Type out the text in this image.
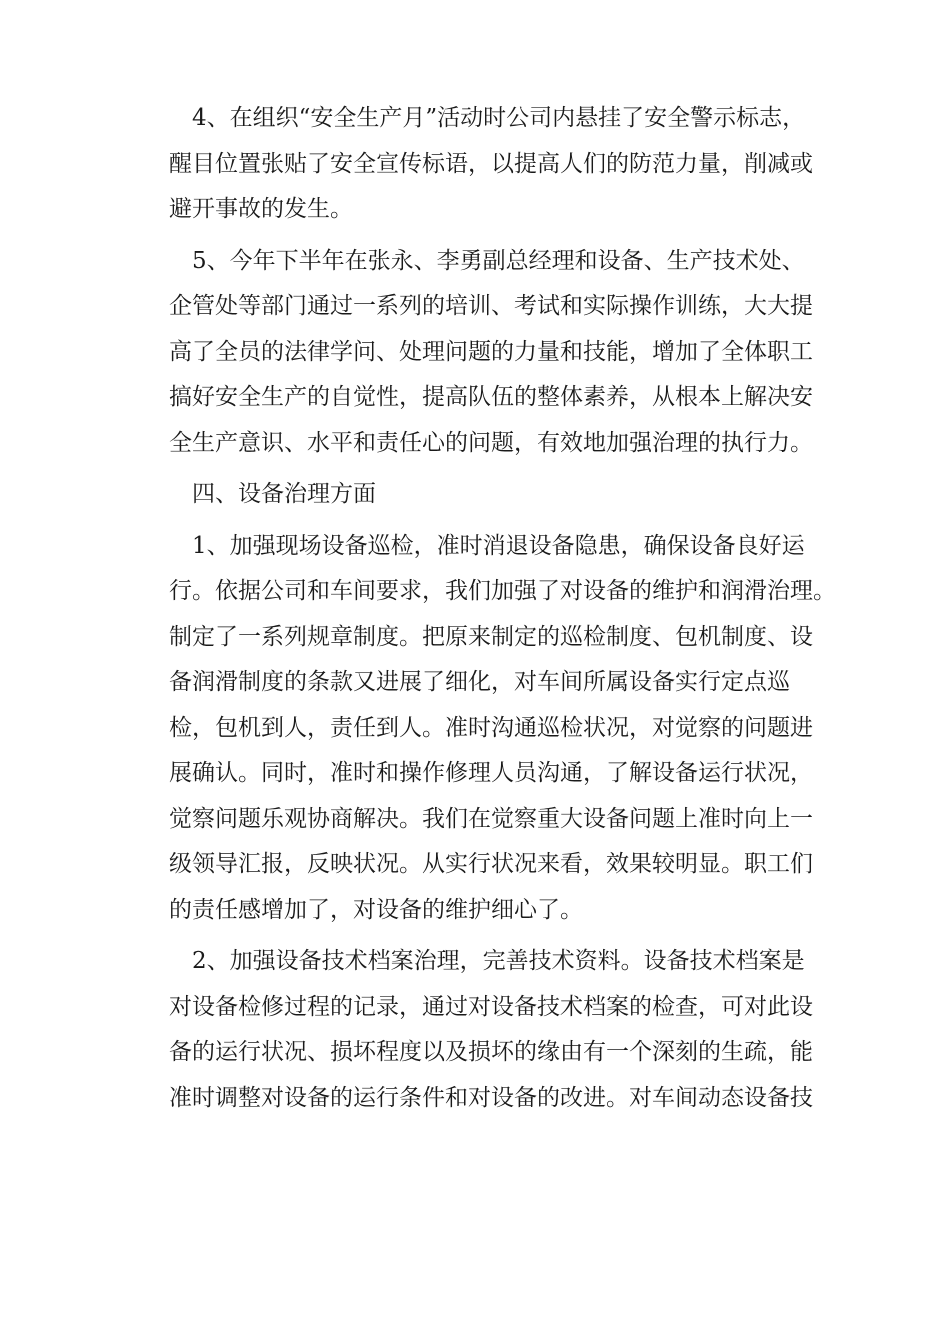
4、在组织“安全生产月”活动时公司内悬挂了安全警示标志，
醒目位置张贴了安全宣传标语，以提高人们的防范力量，削减或
避开事故的发生。
5、今年下半年在张永、李勇副总经理和设备、生产技术处、
企管处等部门通过一系列的培训、考试和实际操作训练，大大提
高了全员的法律学问、处理问题的力量和技能，增加了全体职工
搞好安全生产的自觉性，提高队伍的整体素养，从根本上解决安
全生产意识、水平和责任心的问题，有效地加强治理的执行力。
四、设备治理方面
1、加强现场设备巡检，准时消退设备隐患，确保设备良好运
行。依据公司和车间要求，我们加强了对设备的维护和润滑治理。
制定了一系列规章制度。把原来制定的巡检制度、包机制度、设
备润滑制度的条款又进展了细化，对车间所属设备实行定点巡
检，包机到人，责任到人。准时沟通巡检状况，对觉察的问题进
展确认。同时，准时和操作修理人员沟通，了解设备运行状况，
觉察问题乐观协商解决。我们在觉察重大设备问题上准时向上一
级领导汇报，反映状况。从实行状况来看，效果较明显。职工们
的责任感增加了，对设备的维护细心了。
2、加强设备技术档案治理，完善技术资料。设备技术档案是
对设备检修过程的记录，通过对设备技术档案的检查，可对此设
备的运行状况、损坏程度以及损坏的缘由有一个深刻的生疏，能
准时调整对设备的运行条件和对设备的改进。对车间动态设备技
